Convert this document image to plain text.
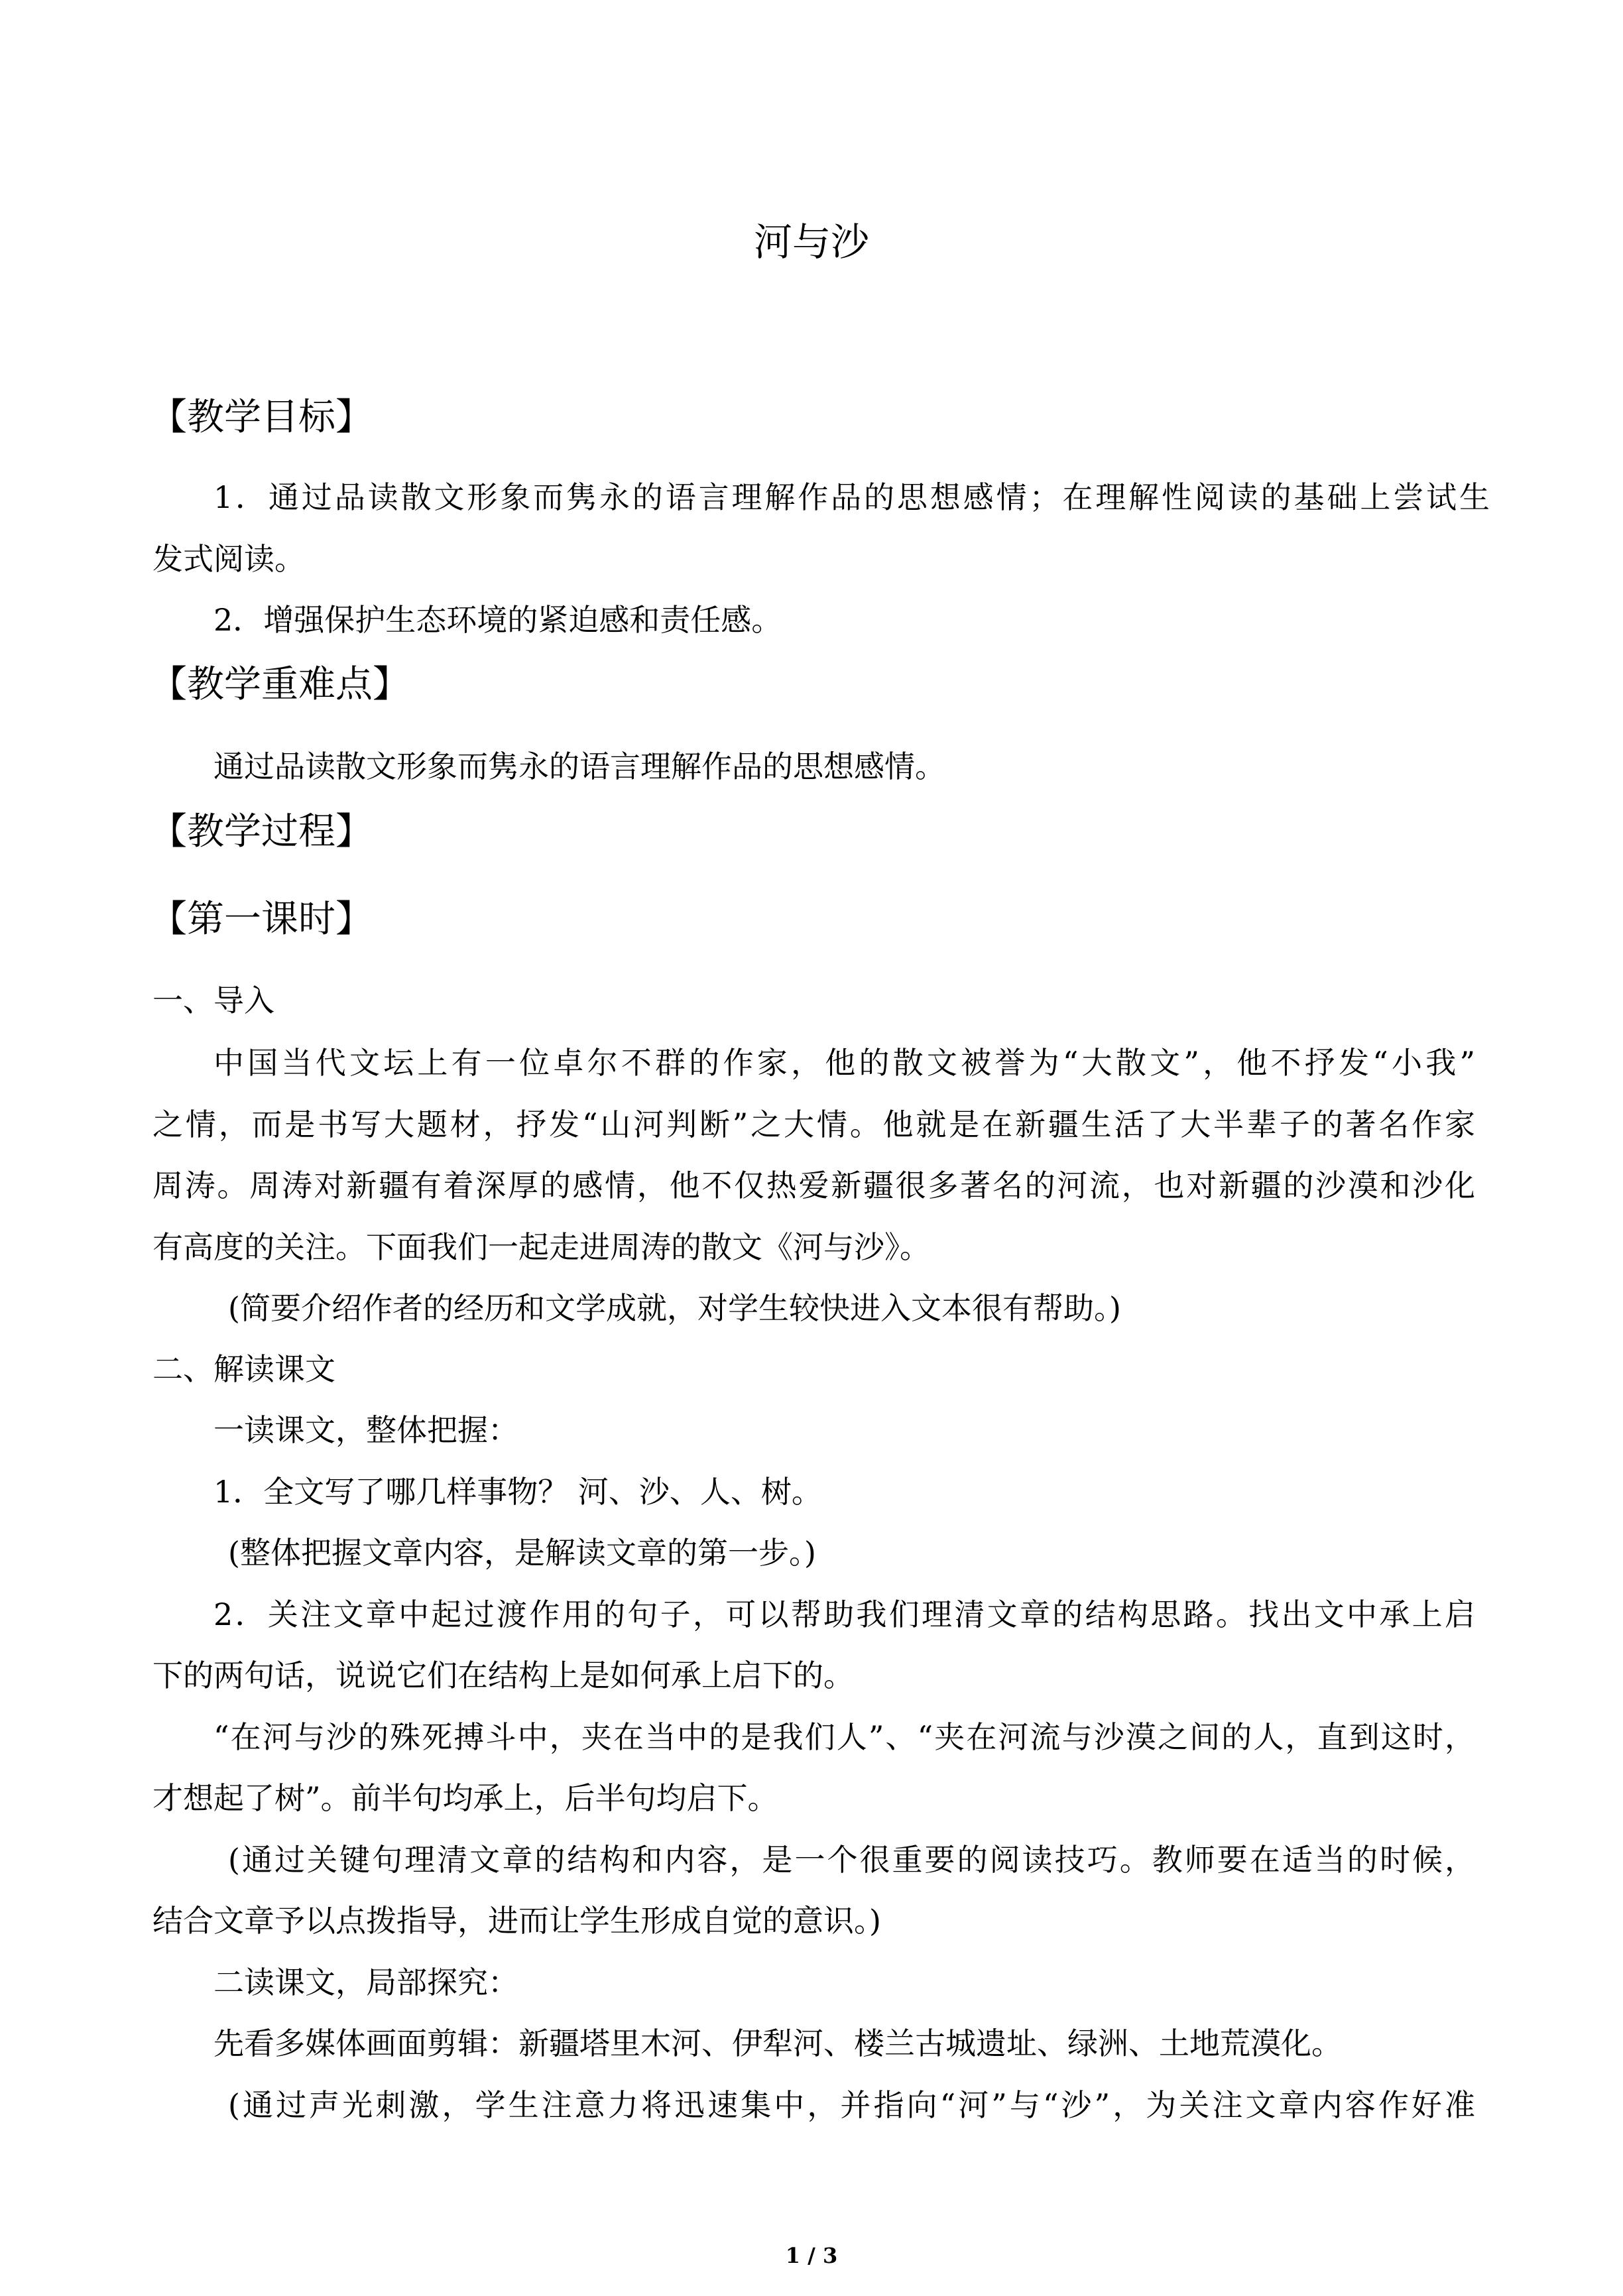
河与沙
【教学目标】

1．通过品读散文形象而隽永的语言理解作品的思想感情；在理解性阅读的基础上尝试生

发式阅读。

2．增强保护生态环境的紧迫感和责任感。

【教学重难点】

通过品读散文形象而隽永的语言理解作品的思想感情。

【教学过程】
【第一课时】

一、导入

中国当代文坛上有一位卓尔不群的作家，他的散文被誉为“大散文”，他不抒发“小我”

之情，而是书写大题材，抒发“山河判断”之大情。他就是在新疆生活了大半辈子的著名作家

周涛。周涛对新疆有着深厚的感情，他不仅热爱新疆很多著名的河流，也对新疆的沙漠和沙化

有高度的关注。下面我们一起走进周涛的散文《河与沙》。

(简要介绍作者的经历和文学成就，对学生较快进入文本很有帮助。)

二、解读课文

一读课文，整体把握：

1．全文写了哪几样事物？ 河、沙、人、树。

(整体把握文章内容，是解读文章的第一步。)

2．关注文章中起过渡作用的句子，可以帮助我们理清文章的结构思路。找出文中承上启

下的两句话，说说它们在结构上是如何承上启下的。

“在河与沙的殊死搏斗中，夹在当中的是我们人”、“夹在河流与沙漠之间的人，直到这时，

才想起了树”。前半句均承上，后半句均启下。

(通过关键句理清文章的结构和内容，是一个很重要的阅读技巧。教师要在适当的时候，

结合文章予以点拨指导，进而让学生形成自觉的意识。)

二读课文，局部探究：

先看多媒体画面剪辑：新疆塔里木河、伊犁河、楼兰古城遗址、绿洲、土地荒漠化。

(通过声光刺激，学生注意力将迅速集中，并指向“河”与“沙”，为关注文章内容作好准

1 / 3
